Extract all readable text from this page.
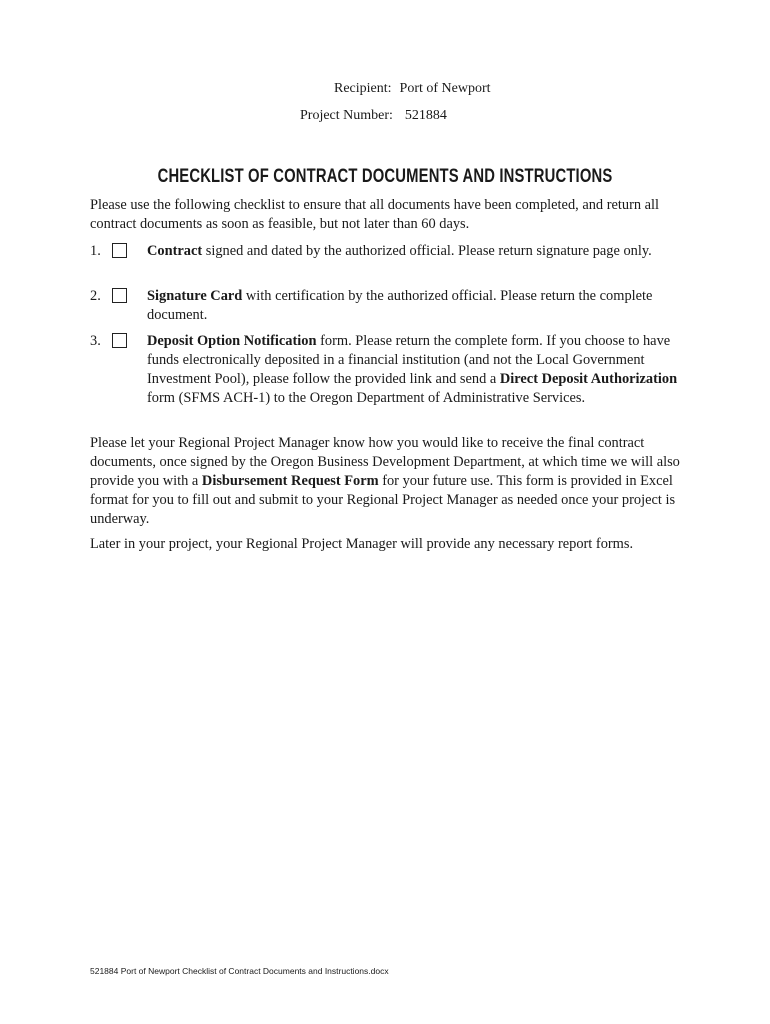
Recipient: Port of Newport
Project Number: 521884
CHECKLIST OF CONTRACT DOCUMENTS AND INSTRUCTIONS

Please use the following checklist to ensure that all documents have been completed, and return all contract documents as soon as feasible, but not later than 60 days.

1.	Contract signed and dated by the authorized official. Please return signature page only.
2.	Signature Card with certification by the authorized official. Please return the complete document.
3.	Deposit Option Notification form. Please return the complete form. If you choose to have funds electronically deposited in a financial institution (and not the Local Government Investment Pool), please follow the provided link and send a Direct Deposit Authorization form (SFMS ACH-1) to the Oregon Department of Administrative Services.

Please let your Regional Project Manager know how you would like to receive the final contract documents, once signed by the Oregon Business Development Department, at which time we will also provide you with a Disbursement Request Form for your future use. This form is provided in Excel format for you to fill out and submit to your Regional Project Manager as needed once your project is underway.

Later in your project, your Regional Project Manager will provide any necessary report forms.

521884 Port of Newport Checklist of Contract Documents and Instructions.docx
